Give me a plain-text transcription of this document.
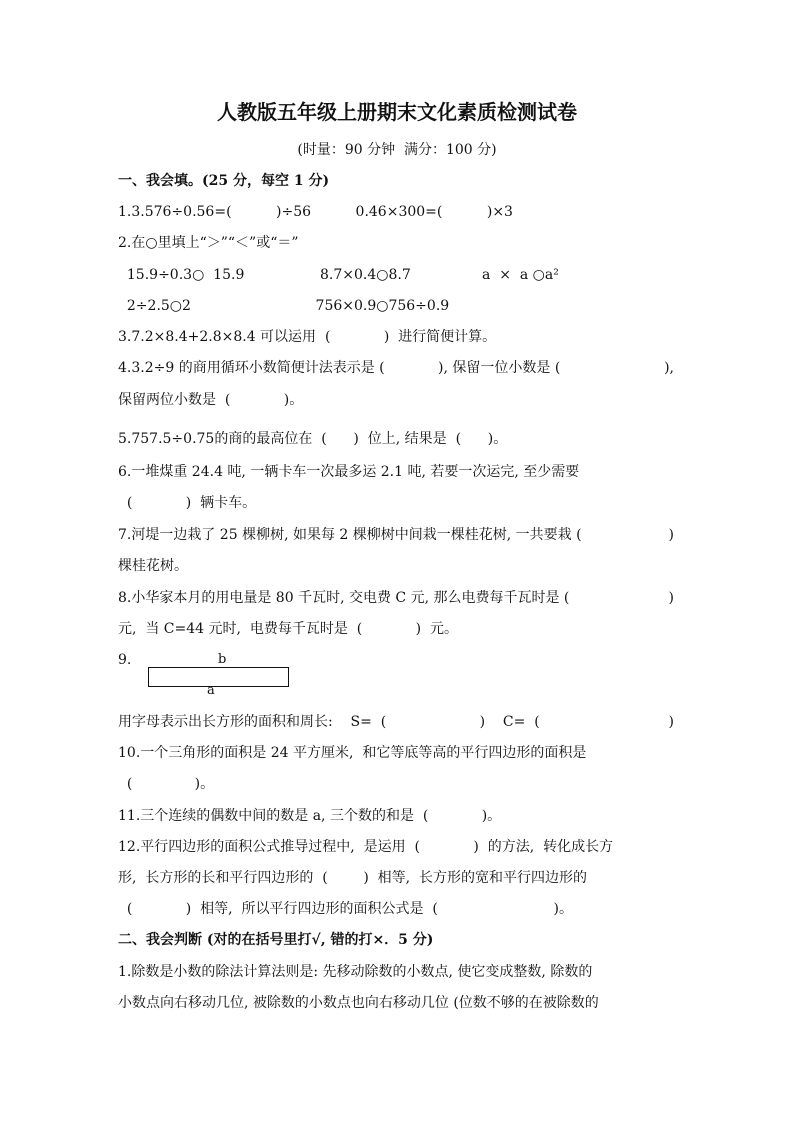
人教版五年级上册期末文化素质检测试卷
(时量：90 分钟  满分：100 分)
一、我会填。(25 分，每空 1 分)
1.3.576÷0.56=(          )÷56          0.46×300=(          )×3
2.在○里填上“＞”“＜”或“＝”
15.9÷0.3○  15.9                 8.7×0.4○8.7                a  ×  a ○a²
2÷2.5○2                            756×0.9○756÷0.9
3.7.2×8.4+2.8×8.4 可以运用  (            )  进行简便计算。
4.3.2÷9 的商用循环小数简便计法表示是 (            ), 保留一位小数是 (	),
保留两位小数是  (            )。
5.757.5÷0.75的商的最高位在  (      )  位上, 结果是  (      )。
6.一堆煤重 24.4 吨, 一辆卡车一次最多运 2.1 吨, 若要一次运完, 至少需要
(            )  辆卡车。
7.河堤一边栽了 25 棵柳树, 如果每 2 棵柳树中间栽一棵桂花树, 一共要栽 (	)
棵桂花树。
8.小华家本月的用电量是 80 千瓦时, 交电费 C 元, 那么电费每千瓦时是 (	)
元,  当 C=44 元时,  电费每千瓦时是  (            )  元。
9.	b
a
用字母表示出长方形的面积和周长:    S=  (                     )    C=  (	)
10.一个三角形的面积是 24 平方厘米,  和它等底等高的平行四边形的面积是
(              )。
11.三个连续的偶数中间的数是 a, 三个数的和是  (            )。
12.平行四边形的面积公式推导过程中,  是运用  (            )  的方法,  转化成长方
形,  长方形的长和平行四边形的  (        )  相等,  长方形的宽和平行四边形的
(            )  相等,  所以平行四边形的面积公式是  (                          )。
二、我会判断 (对的在括号里打√, 错的打×．5 分)
1.除数是小数的除法计算法则是: 先移动除数的小数点, 使它变成整数, 除数的
小数点向右移动几位, 被除数的小数点也向右移动几位 (位数不够的在被除数的
